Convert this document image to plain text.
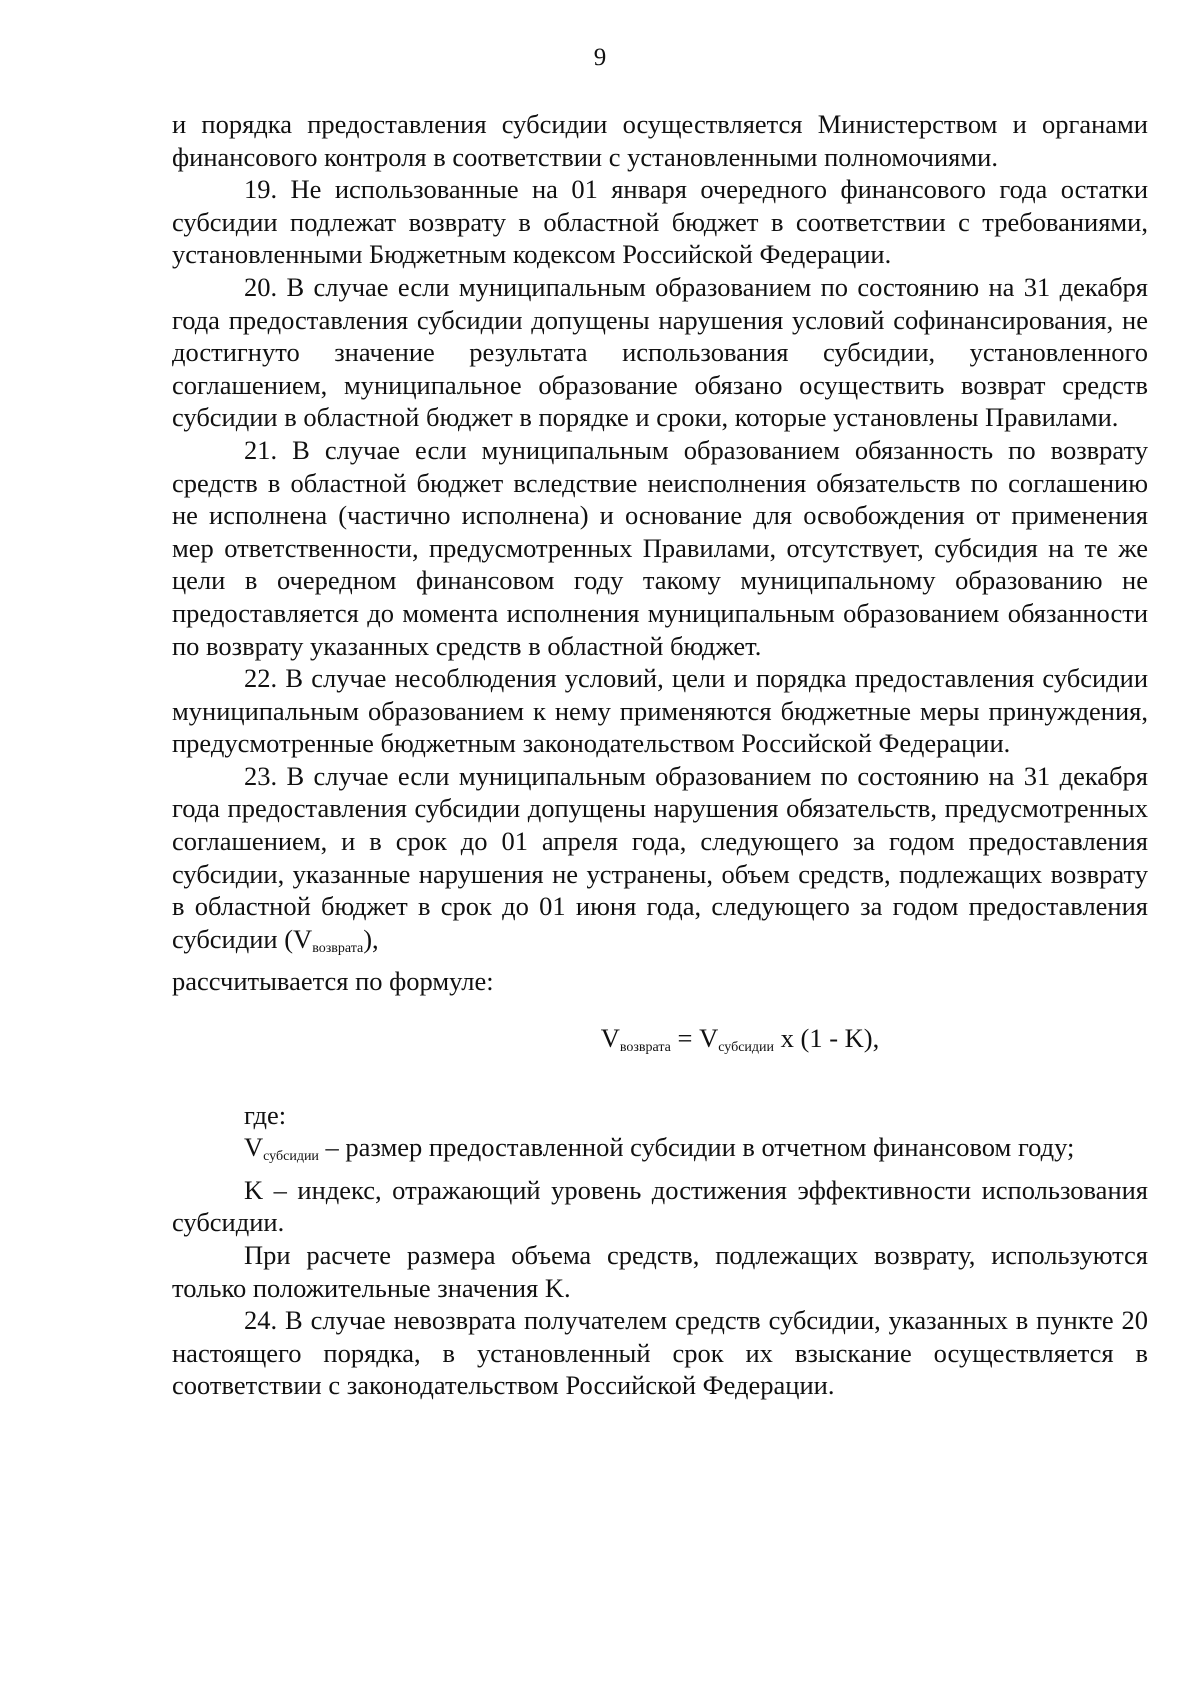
9

и порядка предоставления субсидии осуществляется Министерством и органами финансового контроля в соответствии с установленными полномочиями.

19. Не использованные на 01 января очередного финансового года остатки субсидии подлежат возврату в областной бюджет в соответствии с требованиями, установленными Бюджетным кодексом Российской Федерации.

20. В случае если муниципальным образованием по состоянию на 31 декабря года предоставления субсидии допущены нарушения условий софинансирования, не достигнуто значение результата использования субсидии, установленного соглашением, муниципальное образование обязано осуществить возврат средств субсидии в областной бюджет в порядке и сроки, которые установлены Правилами.

21. В случае если муниципальным образованием обязанность по возврату средств в областной бюджет вследствие неисполнения обязательств по соглашению не исполнена (частично исполнена) и основание для освобождения от применения мер ответственности, предусмотренных Правилами, отсутствует, субсидия на те же цели в очередном финансовом году такому муниципальному образованию не предоставляется до момента исполнения муниципальным образованием обязанности по возврату указанных средств в областной бюджет.

22. В случае несоблюдения условий, цели и порядка предоставления субсидии муниципальным образованием к нему применяются бюджетные меры принуждения, предусмотренные бюджетным законодательством Российской Федерации.

23. В случае если муниципальным образованием по состоянию на 31 декабря года предоставления субсидии допущены нарушения обязательств, предусмотренных соглашением, и в срок до 01 апреля года, следующего за годом предоставления субсидии, указанные нарушения не устранены, объем средств, подлежащих возврату в областной бюджет в срок до 01 июня года, следующего за годом предоставления субсидии $(V_{возврата})$,

рассчитывается по формуле:

$V_{возврата} = V_{субсидии}$ x (1 - K),

где:

$V_{субсидии}$ – размер предоставленной субсидии в отчетном финансовом году;

K – индекс, отражающий уровень достижения эффективности использования субсидии.

При расчете размера объема средств, подлежащих возврату, используются только положительные значения K.

24. В случае невозврата получателем средств субсидии, указанных в пункте 20 настоящего порядка, в установленный срок их взыскание осуществляется в соответствии с законодательством Российской Федерации.
